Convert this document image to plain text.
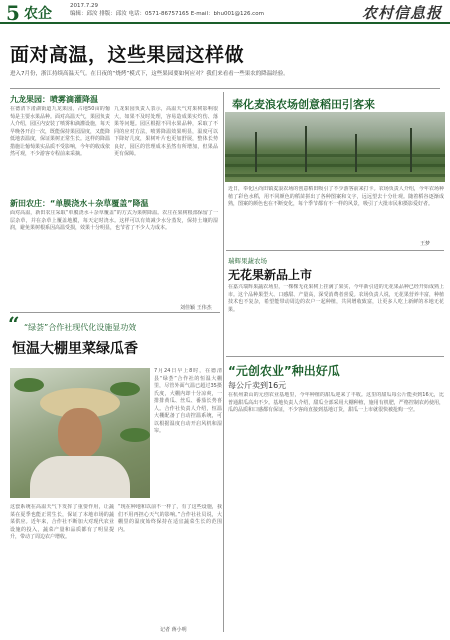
5 农企	2017.7.29
编辑：邱汝 排版：邱汝 电话：0571-86757165 E-mail：bhu001@126.com	农村信息报
面对高温，这些果园这样做
进入7月份，浙江持续高温天气。在日夜的“烧烤”模式下，这些果园要如何应对？我们来看看一些果农的降温经验。
九龙果园：喷雾滴灌降温
在德清下渚湖街道九龙果园，占地50亩的葡萄是主要水果品种。面对高温天气，果园负责人介绍，园区内安装了喷雾和滴灌设施，每天早晚各开启一次，既能保持果园湿度，又能降低地表温度，保证果树正常生长。这样的降温措施让葡萄果实品质不受影响，今年的收成依然可观，不少游客专程前来采摘。
九龙果园负责人表示，高温天气对果树影响很大，如果不及时处理，容易造成果实灼伤、落果等问题。园区根据不同水果品种，采取了不同的应对方法，喷雾降温效果明显，温度可以下降好几度，果树叶片也更加舒展，整体长势良好，园区的管理成本虽然有所增加，但果品更有保障。
新田农庄：“单膜浇水＋杂草覆盖”降温
面对高温，新田农庄采取“单膜浇水＋杂草覆盖”的方式为果树降温。农庄在果树根部保留了一层杂草，并在杂草上覆盖地膜，每天定时浇水。这样可以有效减少水分蒸发，保持土壤的湿润，避免果树根系因高温受损，效果十分明显，也节省了不少人力成本。
刘佳颖 王伟杰
奉化麦浪农场创意稻田引客来
近日，奉化区尚田镇麦浪农场的创意稻田吸引了不少游客前来打卡。农场负责人介绍，今年农场种植了彩色水稻，用不同颜色的稻苗拼出了各种图案和文字，远远望去十分壮观。随着稻谷逐渐成熟，图案的颜色也在不断变化，每个季节都有不一样的风景，吸引了大批市民和摄影爱好者。
王梦
瑞辉果蔬农场
无花果新品上市
在嘉兴瑞辉果蔬农场里，一棵棵无花果树上挂满了果实，今年新引进的无花果品种已经开始成熟上市。这个品种果型大、口感甜、产量高，深受消费者喜爱。农场负责人说，无花果营养丰富，种植技术也不复杂，希望能带动周边的农户一起种植，共同增收致富，让更多人吃上新鲜的本地无花果。
“元创农业”种出好瓜
每公斤卖到16元
在杭州萧山的元创农业基地里，今年种植的甜瓜迎来了丰收。这里的甜瓜每公斤能卖到16元，比普通甜瓜高出不少。基地负责人介绍，甜瓜全部采用大棚种植，施用有机肥，严格控制农药使用，瓜的品质和口感都有保证，不少客商直接到基地订货，甜瓜一上市就很快被抢购一空。
“ “绿荟”合作社现代化设施显功效
恒温大棚里菜绿瓜香
7月24日早上8时，在德清县“绿荟”合作社的恒温大棚里，尽管外面气温已超过35摄氏度，大棚内却十分凉爽，一排排黄瓜、丝瓜、番茄长势喜人。合作社负责人介绍，恒温大棚配备了自动控温系统，可以根据温度自动开启风机和湿帘。
这套系统在高温天气下发挥了重要作用，让蔬菜在夏季也能正常生长，保证了本地市场的蔬菜供应。近年来，合作社不断加大对现代农业设施的投入，蔬菜产量和品质都有了明显提升，带动了周边农户增收。
“现在种地和以前不一样了，有了这些设施，我们不用再担心天气的影响。”合作社社员说，大棚里的温度始终保持在适宜蔬菜生长的范围内。
记者 蒋小明
